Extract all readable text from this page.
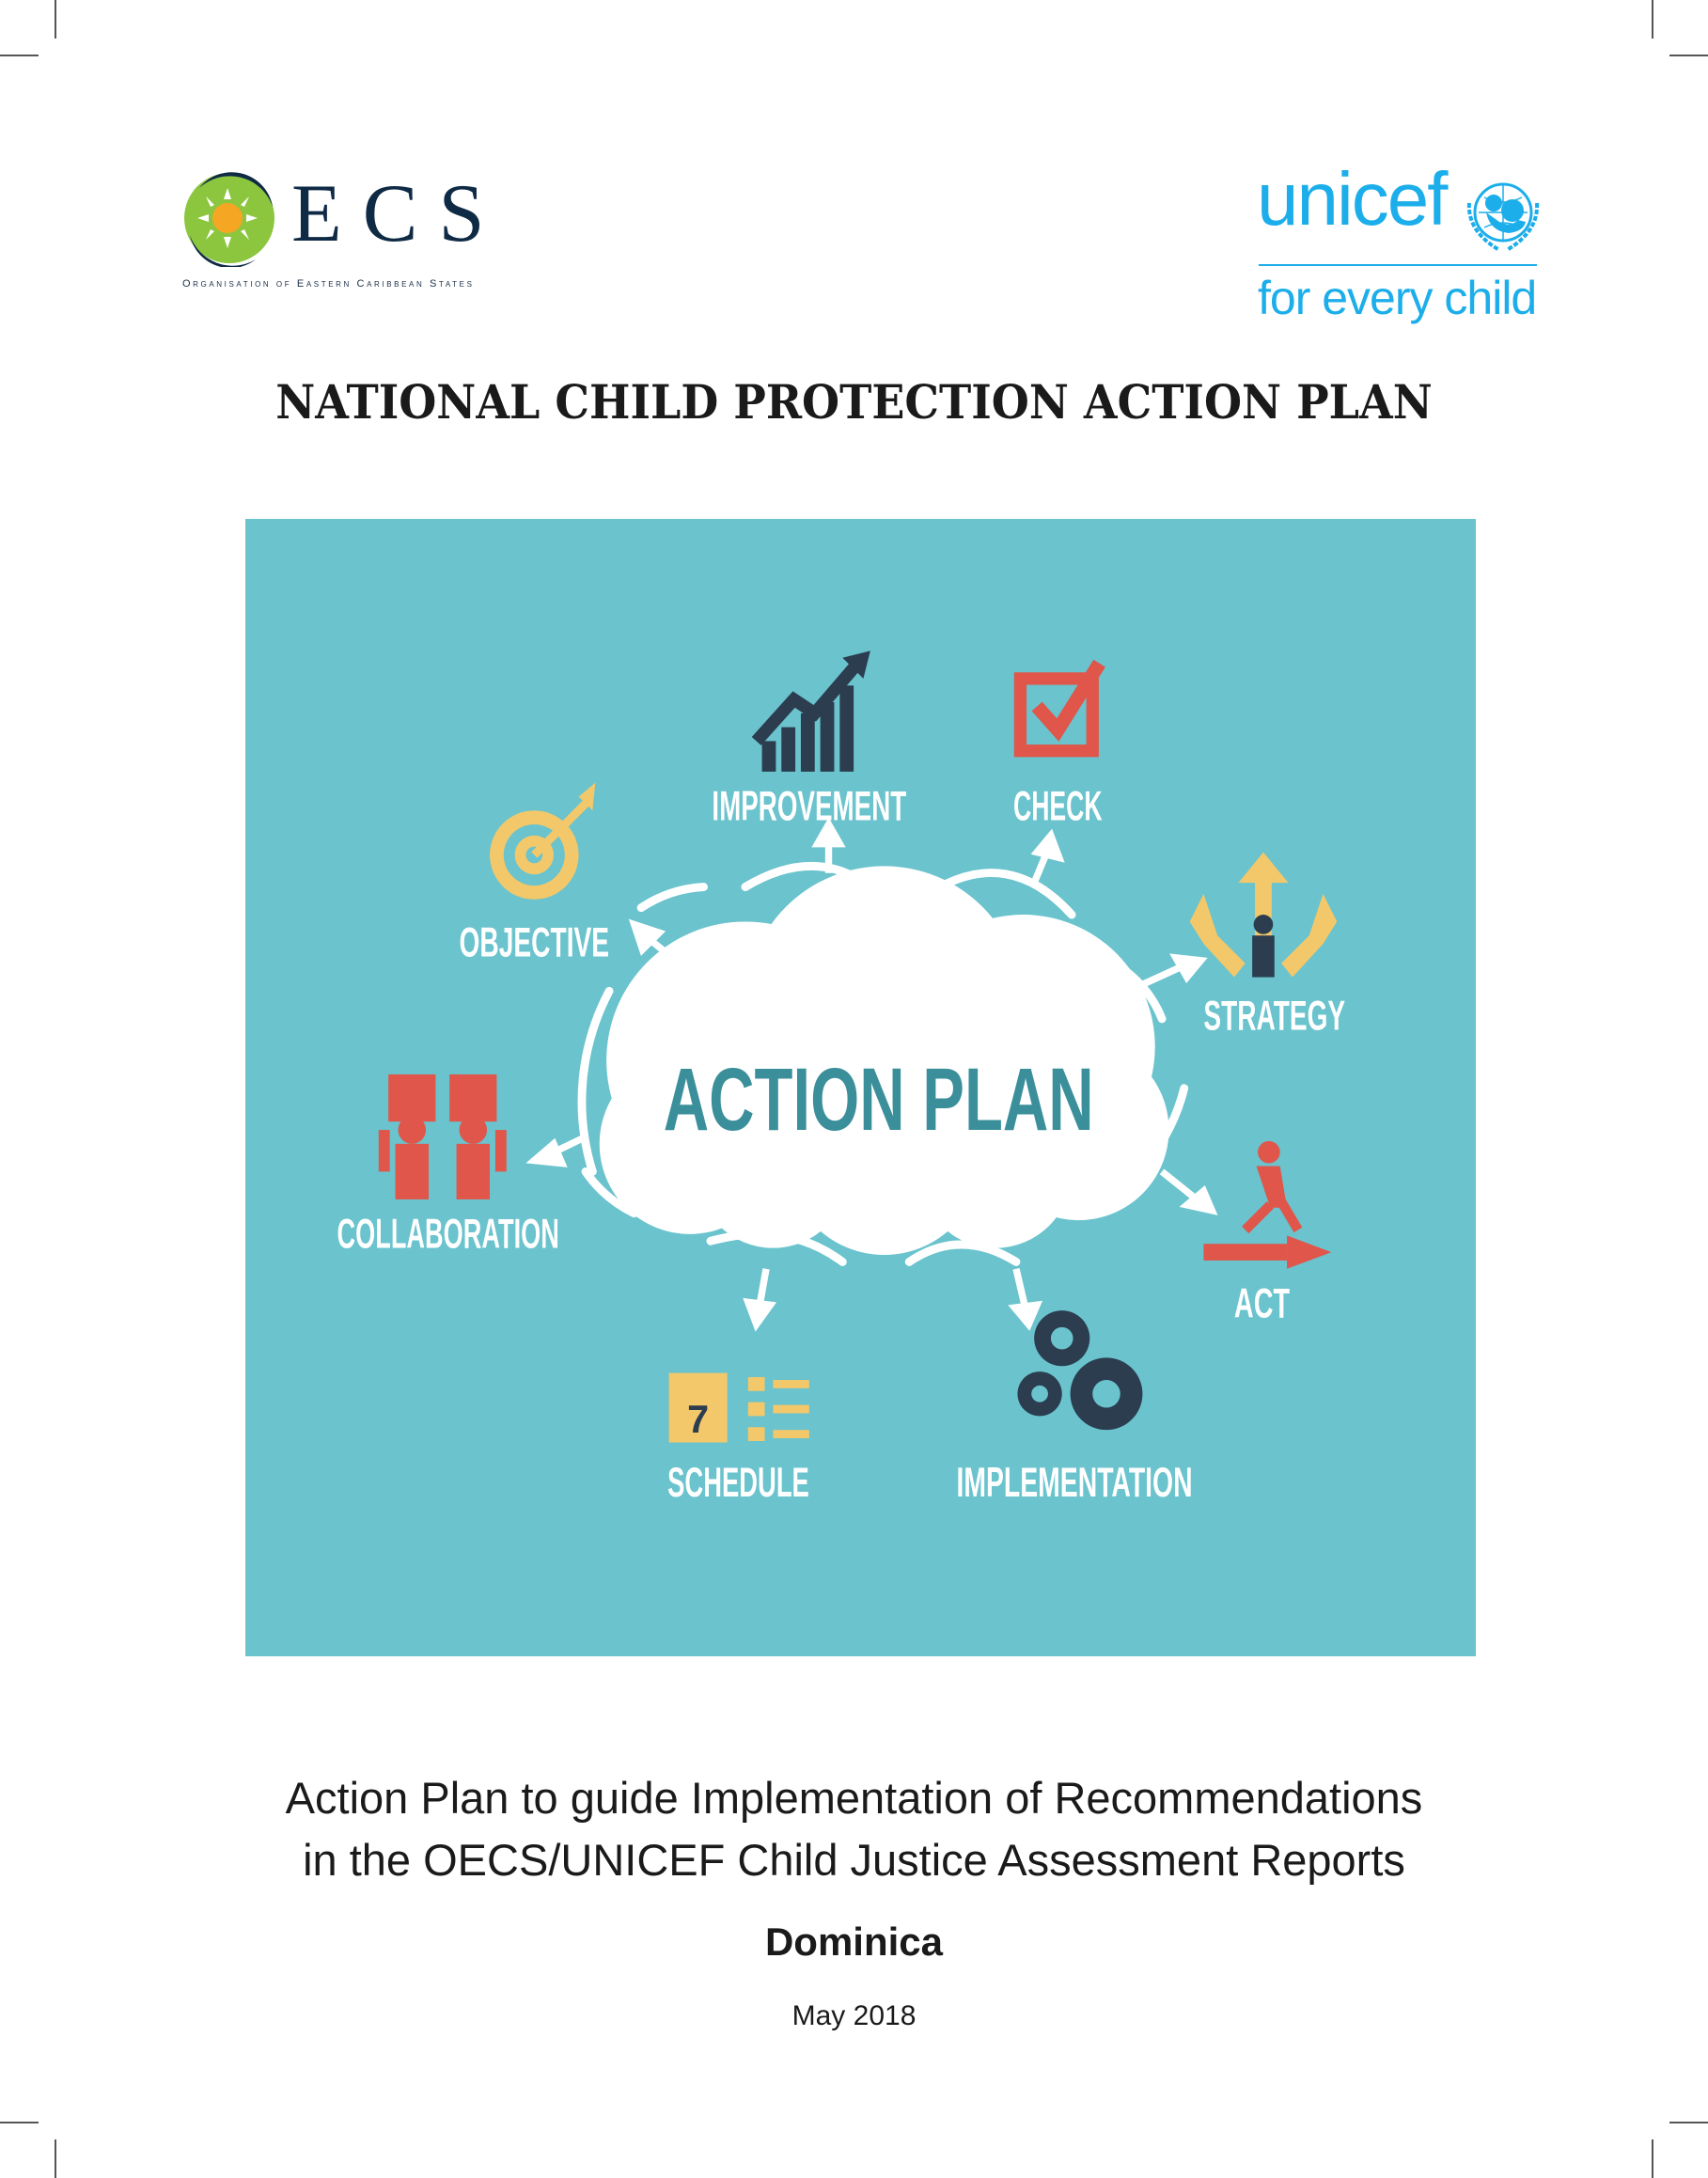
ECS
Organisation of Eastern Caribbean States
unicef
for every child
NATIONAL CHILD PROTECTION ACTION PLAN
ACTION PLAN
IMPROVEMENT	CHECK
OBJECTIVE
STRATEGY
COLLABORATION
ACT
7
SCHEDULE	IMPLEMENTATION
Action Plan to guide Implementation of Recommendations
in the OECS/UNICEF Child Justice Assessment Reports
Dominica
May 2018
